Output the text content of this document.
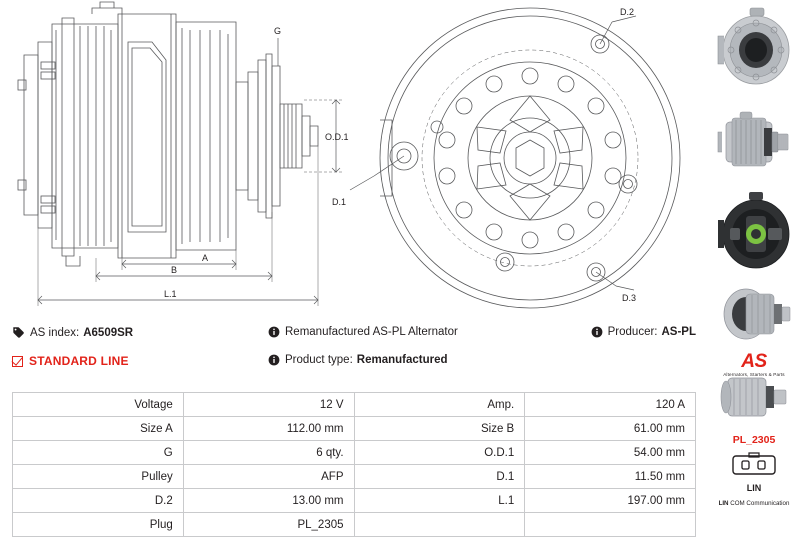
G
O.D.1
A
B
L.1
D.1
D.2
D.3
AS index: A6509SR	Remanufactured AS-PL Alternator	Producer: AS-PL
STANDARD LINE	Product type: Remanufactured
Voltage	12 V	Amp.	120 A
Size A	112.00 mm	Size B	61.00 mm
G	6 qty.	O.D.1	54.00 mm
Pulley	AFP	D.1	11.50 mm
D.2	13.00 mm	L.1	197.00 mm
Plug	PL_2305		
AS
Alternators, Starters & Parts
PL_2305
LIN
LIN COM Communication
